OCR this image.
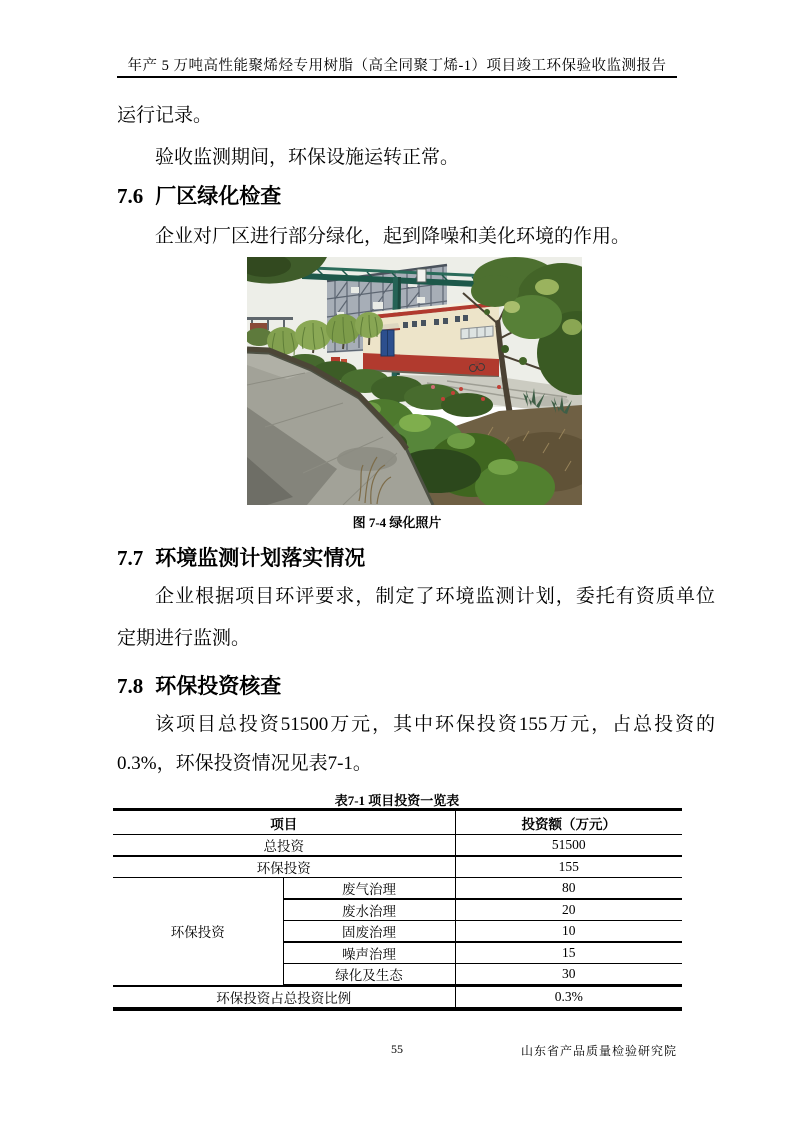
年产 5 万吨高性能聚烯烃专用树脂（高全同聚丁烯-1）项目竣工环保验收监测报告
运行记录。
验收监测期间，环保设施运转正常。
7.6 厂区绿化检查
企业对厂区进行部分绿化，起到降噪和美化环境的作用。
图 7-4 绿化照片
7.7 环境监测计划落实情况
企业根据项目环评要求，制定了环境监测计划，委托有资质单位
定期进行监测。
7.8 环保投资核查
该项目总投资51500万元，其中环保投资155万元，占总投资的
0.3%，环保投资情况见表7-1。
表7-1 项目投资一览表
项目		投资额（万元）
总投资		51500
环保投资		155
环保投资	废气治理	80
	废水治理	20
	固废治理	10
	噪声治理	15
	绿化及生态	30
环保投资占总投资比例		0.3%
55	山东省产品质量检验研究院
